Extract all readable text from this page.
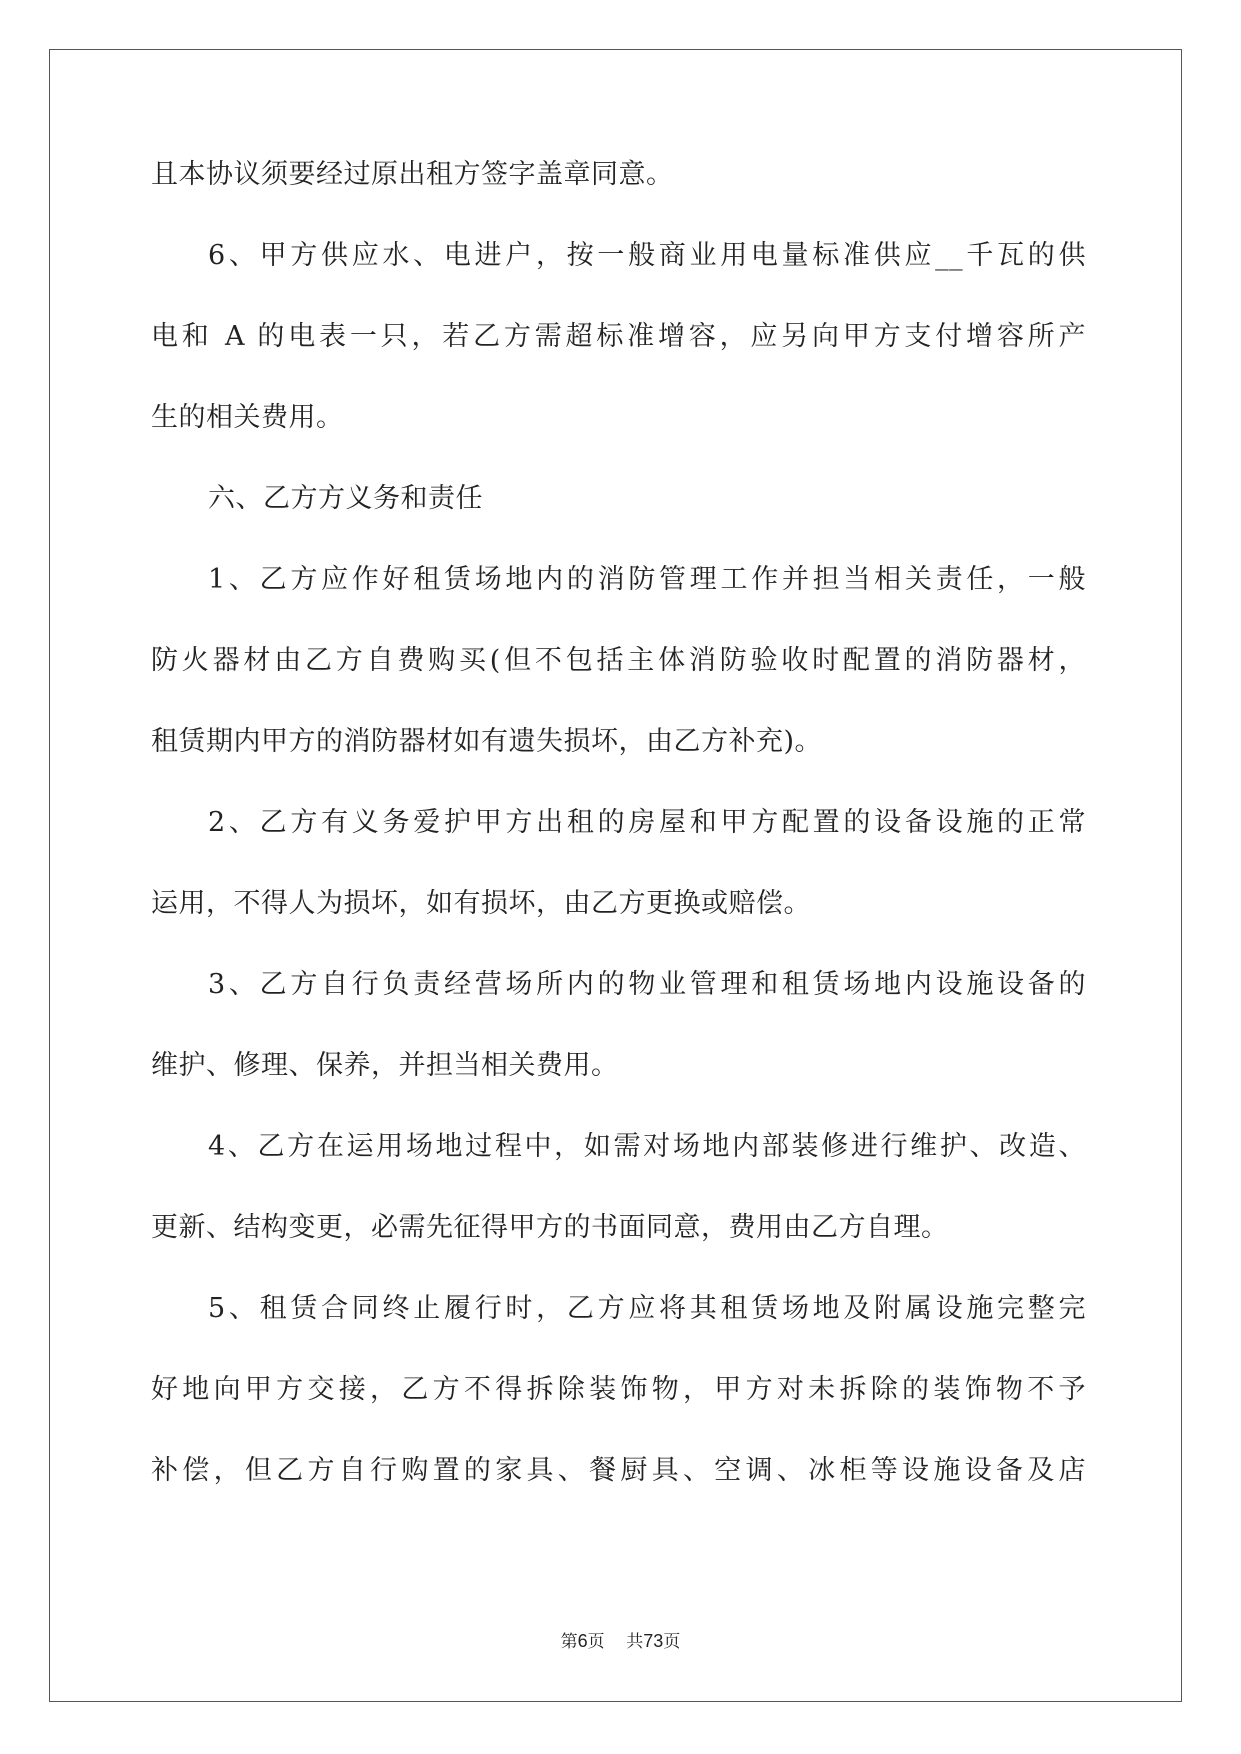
且本协议须要经过原出租方签字盖章同意。
6、甲方供应水、电进户，按一般商业用电量标准供应__千瓦的供
电和 A 的电表一只，若乙方需超标准增容，应另向甲方支付增容所产
生的相关费用。
六、乙方方义务和责任
1、乙方应作好租赁场地内的消防管理工作并担当相关责任，一般
防火器材由乙方自费购买(但不包括主体消防验收时配置的消防器材，
租赁期内甲方的消防器材如有遗失损坏，由乙方补充)。
2、乙方有义务爱护甲方出租的房屋和甲方配置的设备设施的正常
运用，不得人为损坏，如有损坏，由乙方更换或赔偿。
3、乙方自行负责经营场所内的物业管理和租赁场地内设施设备的
维护、修理、保养，并担当相关费用。
4、乙方在运用场地过程中，如需对场地内部装修进行维护、改造、
更新、结构变更，必需先征得甲方的书面同意，费用由乙方自理。
5、租赁合同终止履行时，乙方应将其租赁场地及附属设施完整完
好地向甲方交接，乙方不得拆除装饰物，甲方对未拆除的装饰物不予
补偿，但乙方自行购置的家具、餐厨具、空调、冰柜等设施设备及店
第6页 共73页
